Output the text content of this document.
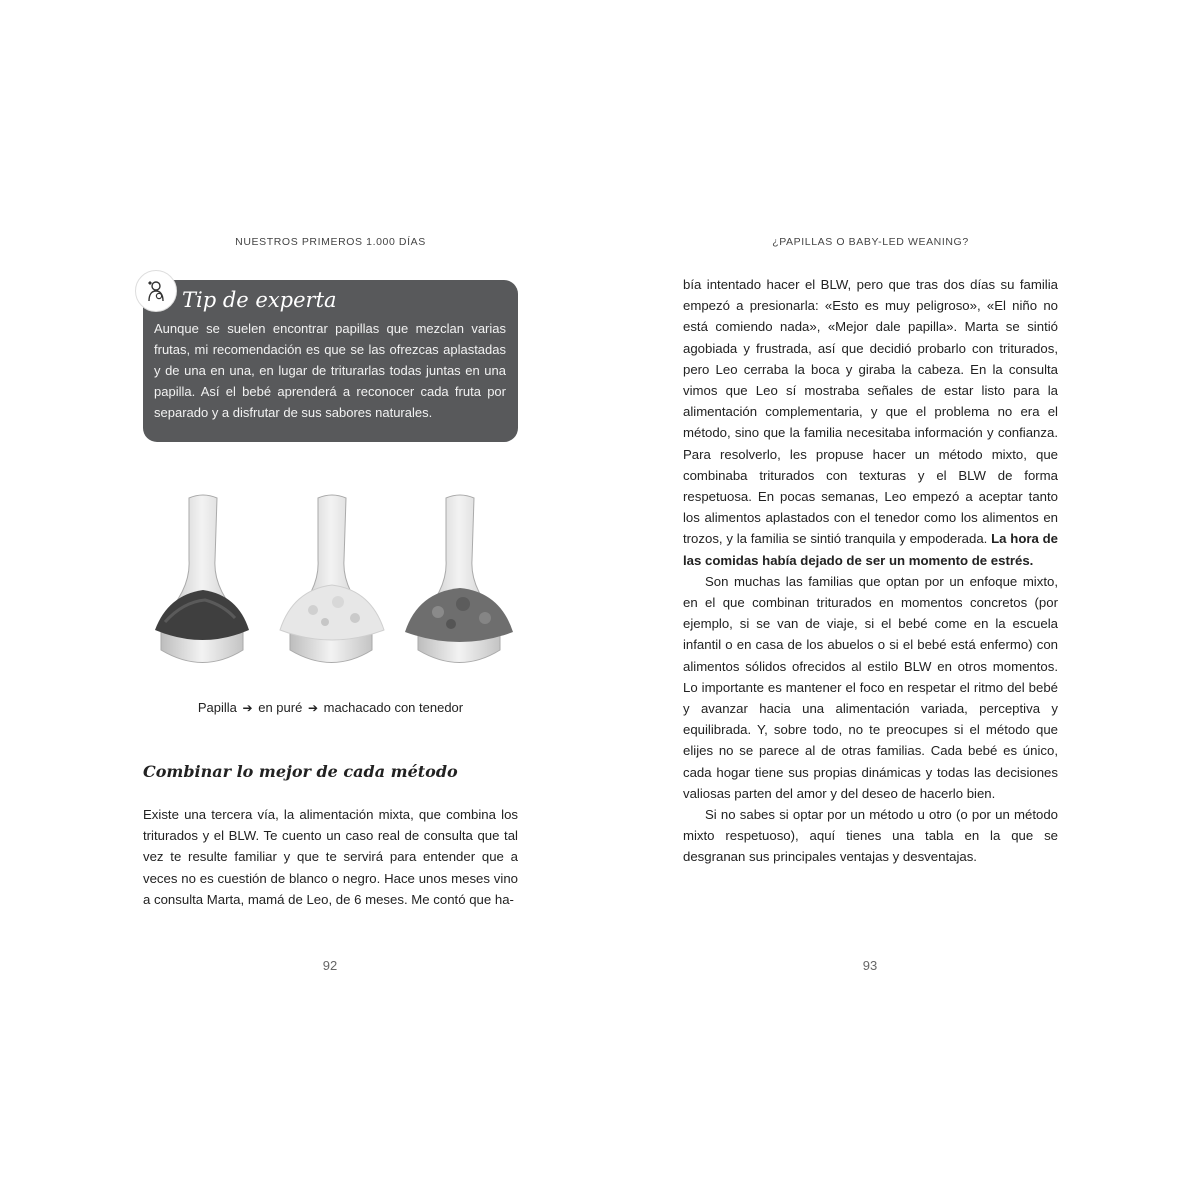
NUESTROS PRIMEROS 1.000 DÍAS
Tip de experta

Aunque se suelen encontrar papillas que mezclan varias frutas, mi recomendación es que se las ofrezcas aplastadas y de una en una, en lugar de triturarlas todas juntas en una papilla. Así el bebé aprenderá a reconocer cada fruta por separado y a disfrutar de sus sabores naturales.

Papilla ➔ en puré ➔ machacado con tenedor
Combinar lo mejor de cada método

Existe una tercera vía, la alimentación mixta, que combina los triturados y el BLW. Te cuento un caso real de consulta que tal vez te resulte familiar y que te servirá para entender que a veces no es cuestión de blanco o negro. Hace unos meses vino a consulta Marta, mamá de Leo, de 6 meses. Me contó que ha-

92
¿PAPILLAS O BABY-LED WEANING?

bía intentado hacer el BLW, pero que tras dos días su familia empezó a presionarla: «Esto es muy peligroso», «El niño no está comiendo nada», «Mejor dale papilla». Marta se sintió agobiada y frustrada, así que decidió probarlo con triturados, pero Leo cerraba la boca y giraba la cabeza. En la consulta vimos que Leo sí mostraba señales de estar listo para la alimentación complementaria, y que el problema no era el método, sino que la familia necesitaba información y confianza. Para resolverlo, les propuse hacer un método mixto, que combinaba triturados con texturas y el BLW de forma respetuosa. En pocas semanas, Leo empezó a aceptar tanto los alimentos aplastados con el tenedor como los alimentos en trozos, y la familia se sintió tranquila y empoderada. La hora de las comidas había dejado de ser un momento de estrés.

Son muchas las familias que optan por un enfoque mixto, en el que combinan triturados en momentos concretos (por ejemplo, si se van de viaje, si el bebé come en la escuela infantil o en casa de los abuelos o si el bebé está enfermo) con alimentos sólidos ofrecidos al estilo BLW en otros momentos. Lo importante es mantener el foco en respetar el ritmo del bebé y avanzar hacia una alimentación variada, perceptiva y equilibrada. Y, sobre todo, no te preocupes si el método que elijes no se parece al de otras familias. Cada bebé es único, cada hogar tiene sus propias dinámicas y todas las decisiones valiosas parten del amor y del deseo de hacerlo bien.

Si no sabes si optar por un método u otro (o por un método mixto respetuoso), aquí tienes una tabla en la que se desgranan sus principales ventajas y desventajas.

93
